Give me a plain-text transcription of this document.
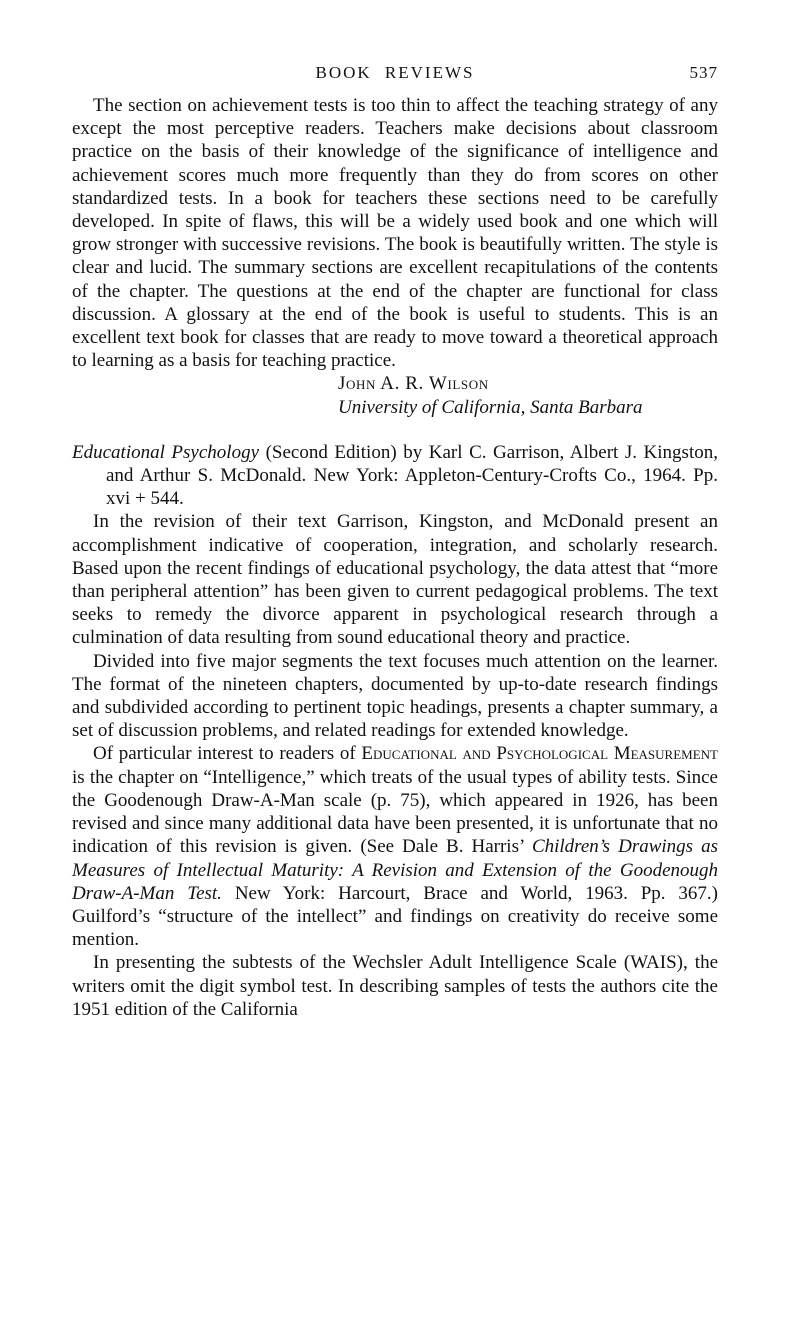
BOOK REVIEWS	537

The section on achievement tests is too thin to affect the teaching strategy of any except the most perceptive readers. Teachers make decisions about classroom practice on the basis of their knowledge of the significance of intelligence and achievement scores much more frequently than they do from scores on other standardized tests. In a book for teachers these sections need to be carefully developed. In spite of flaws, this will be a widely used book and one which will grow stronger with successive revisions. The book is beautifully written. The style is clear and lucid. The summary sections are excellent recapitulations of the contents of the chapter. The questions at the end of the chapter are functional for class discussion. A glossary at the end of the book is useful to students. This is an excellent text book for classes that are ready to move toward a theoretical approach to learning as a basis for teaching practice.

John A. R. Wilson
University of California, Santa Barbara

Educational Psychology (Second Edition) by Karl C. Garrison, Albert J. Kingston, and Arthur S. McDonald. New York: Appleton-Century-Crofts Co., 1964. Pp. xvi + 544.

In the revision of their text Garrison, Kingston, and McDonald present an accomplishment indicative of cooperation, integration, and scholarly research. Based upon the recent findings of educational psychology, the data attest that “more than peripheral attention” has been given to current pedagogical problems. The text seeks to remedy the divorce apparent in psychological research through a culmination of data resulting from sound educational theory and practice.

Divided into five major segments the text focuses much attention on the learner. The format of the nineteen chapters, documented by up-to-date research findings and subdivided according to pertinent topic headings, presents a chapter summary, a set of discussion problems, and related readings for extended knowledge.

Of particular interest to readers of Educational and Psychological Measurement is the chapter on “Intelligence,” which treats of the usual types of ability tests. Since the Goodenough Draw-A-Man scale (p. 75), which appeared in 1926, has been revised and since many additional data have been presented, it is unfortunate that no indication of this revision is given. (See Dale B. Harris’ Children’s Drawings as Measures of Intellectual Maturity: A Revision and Extension of the Goodenough Draw-A-Man Test. New York: Harcourt, Brace and World, 1963. Pp. 367.) Guilford’s “structure of the intellect” and findings on creativity do receive some mention.

In presenting the subtests of the Wechsler Adult Intelligence Scale (WAIS), the writers omit the digit symbol test. In describing samples of tests the authors cite the 1951 edition of the California
